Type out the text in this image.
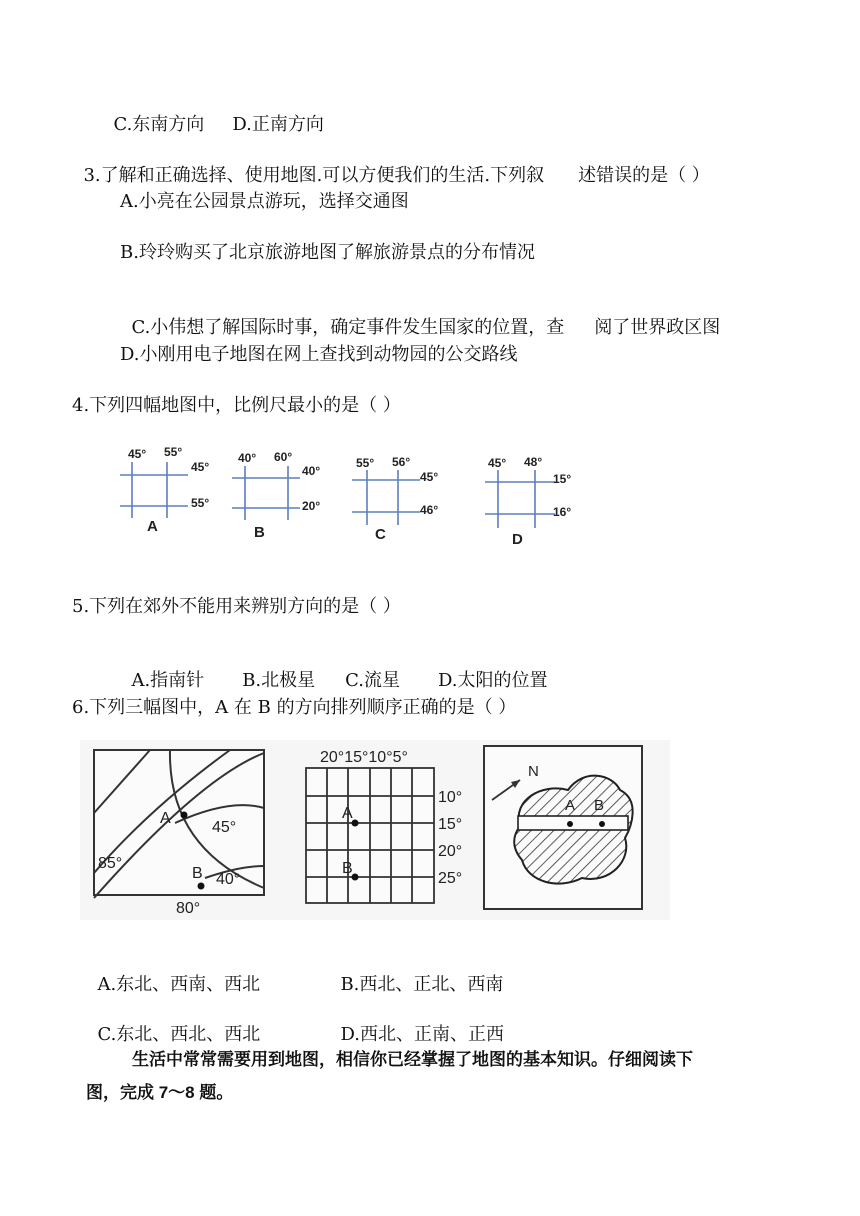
C.东南方向 D.正南方向

3.了解和正确选择、使用地图.可以方便我们的生活.下列叙 述错误的是（ ）

A.小亮在公园景点游玩，选择交通图
B.玲玲购买了北京旅游地图了解旅游景点的分布情况

C.小伟想了解国际时事，确定事件发生国家的位置，查 阅了世界政区图

D.小刚用电子地图在网上查找到动物园的公交路线
4.下列四幅地图中，比例尺最小的是（ ）
45° 55°
45°
55°
40° 60°
40°
20°
55° 56°
45°
46°
45° 48°
15°
16°
A	B	C	D
5.下列在郊外不能用来辨别方向的是（ ）

A.指南针 B.北极星 C.流星 D.太阳的位置

6.下列三幅图中，A 在 B 的方向排列顺序正确的是（ ）
A
B
45°
40°
85°
80°
20°15°10°5°
A
B
10°
15°
20°
25°
N
A B

A.东北、西南、西北	B.西北、正北、西南

C.东北、西北、西北	D.西北、正南、正西

生活中常常需要用到地图，相信你已经掌握了地图的基本知识。仔细阅读下
图，完成 7～8 题。
